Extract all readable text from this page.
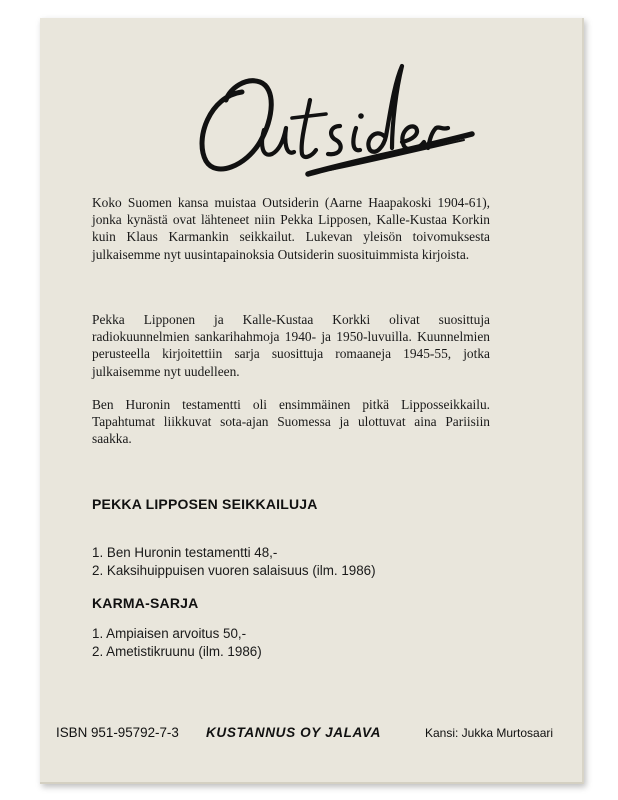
Koko Suomen kansa muistaa Outsiderin (Aarne Haapakoski 1904-61), jonka kynästä ovat lähteneet niin Pekka Lipposen, Kalle-Kustaa Korkin kuin Klaus Karmankin seikkailut. Lukevan yleisön toivomuksesta julkaisemme nyt uusintapainoksia Outsiderin suosituimmista kirjoista.

Pekka Lipponen ja Kalle-Kustaa Korkki olivat suosittuja radiokuunnelmien sankarihahmoja 1940- ja 1950-luvuilla. Kuunnelmien perusteella kirjoitettiin sarja suosittuja romaaneja 1945-55, jotka julkaisemme nyt uudelleen.

Ben Huronin testamentti oli ensimmäinen pitkä Lipposseikkailu. Tapahtumat liikkuvat sota-ajan Suomessa ja ulottuvat aina Pariisiin saakka.

PEKKA LIPPOSEN SEIKKAILUJA
1. Ben Huronin testamentti 48,-
2. Kaksihuippuisen vuoren salaisuus (ilm. 1986)
KARMA-SARJA
1. Ampiaisen arvoitus 50,-
2. Ametistikruunu (ilm. 1986)
ISBN 951-95792-7-3 KUSTANNUS OY JALAVA	Kansi: Jukka Murtosaari
